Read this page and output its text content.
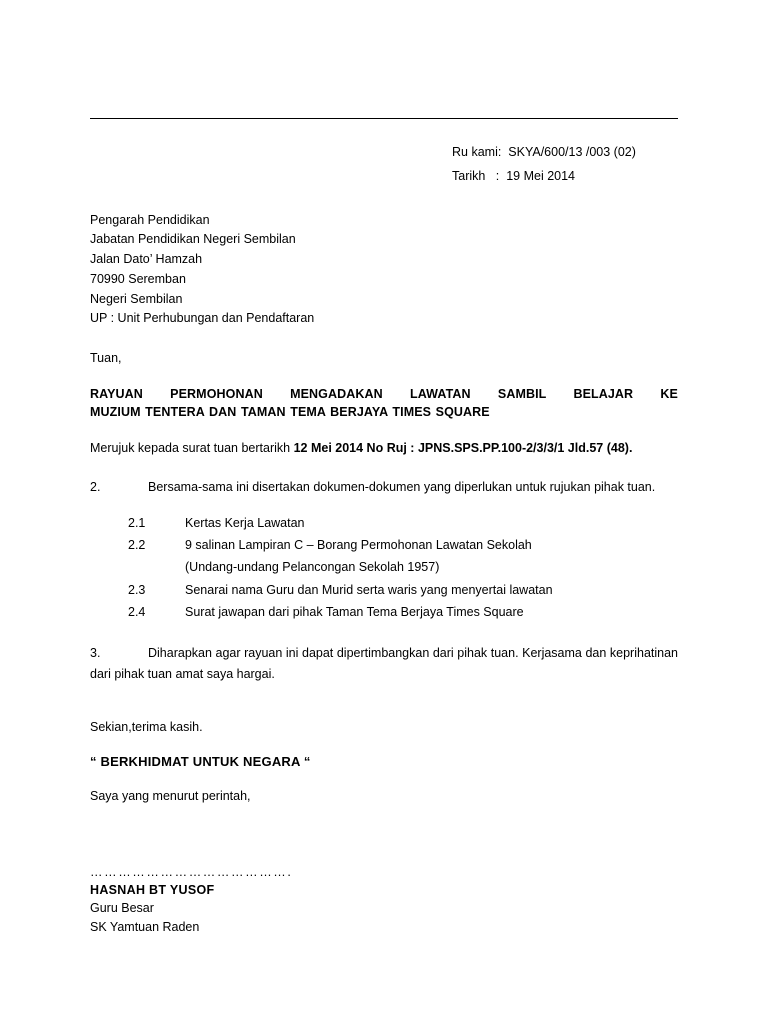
Ru kami: SKYA/600/13 /003 (02)
Tarikh : 19 Mei 2014
Pengarah Pendidikan
Jabatan Pendidikan Negeri Sembilan
Jalan Dato’ Hamzah
70990 Seremban
Negeri Sembilan
UP : Unit Perhubungan dan Pendaftaran
Tuan,
RAYUAN PERMOHONAN MENGADAKAN LAWATAN SAMBIL BELAJAR KE
MUZIUM TENTERA DAN TAMAN TEMA BERJAYA TIMES SQUARE
Merujuk kepada surat tuan bertarikh 12 Mei 2014 No Ruj : JPNS.SPS.PP.100-2/3/3/1 Jld.57 (48).
2.	Bersama-sama ini disertakan dokumen-dokumen yang diperlukan untuk rujukan pihak tuan.
2.1	Kertas Kerja Lawatan
2.2	9 salinan Lampiran C – Borang Permohonan Lawatan Sekolah
(Undang-undang Pelancongan Sekolah 1957)
2.3	Senarai nama Guru dan Murid serta waris yang menyertai lawatan
2.4	Surat jawapan dari pihak Taman Tema Berjaya Times Square
3.	Diharapkan agar rayuan ini dapat dipertimbangkan dari pihak tuan. Kerjasama dan keprihatinan dari pihak tuan amat saya hargai.
Sekian,terima kasih.
“ BERKHIDMAT UNTUK NEGARA “
Saya yang menurut perintah,
…………………………………….
HASNAH BT YUSOF
Guru Besar
SK Yamtuan Raden
